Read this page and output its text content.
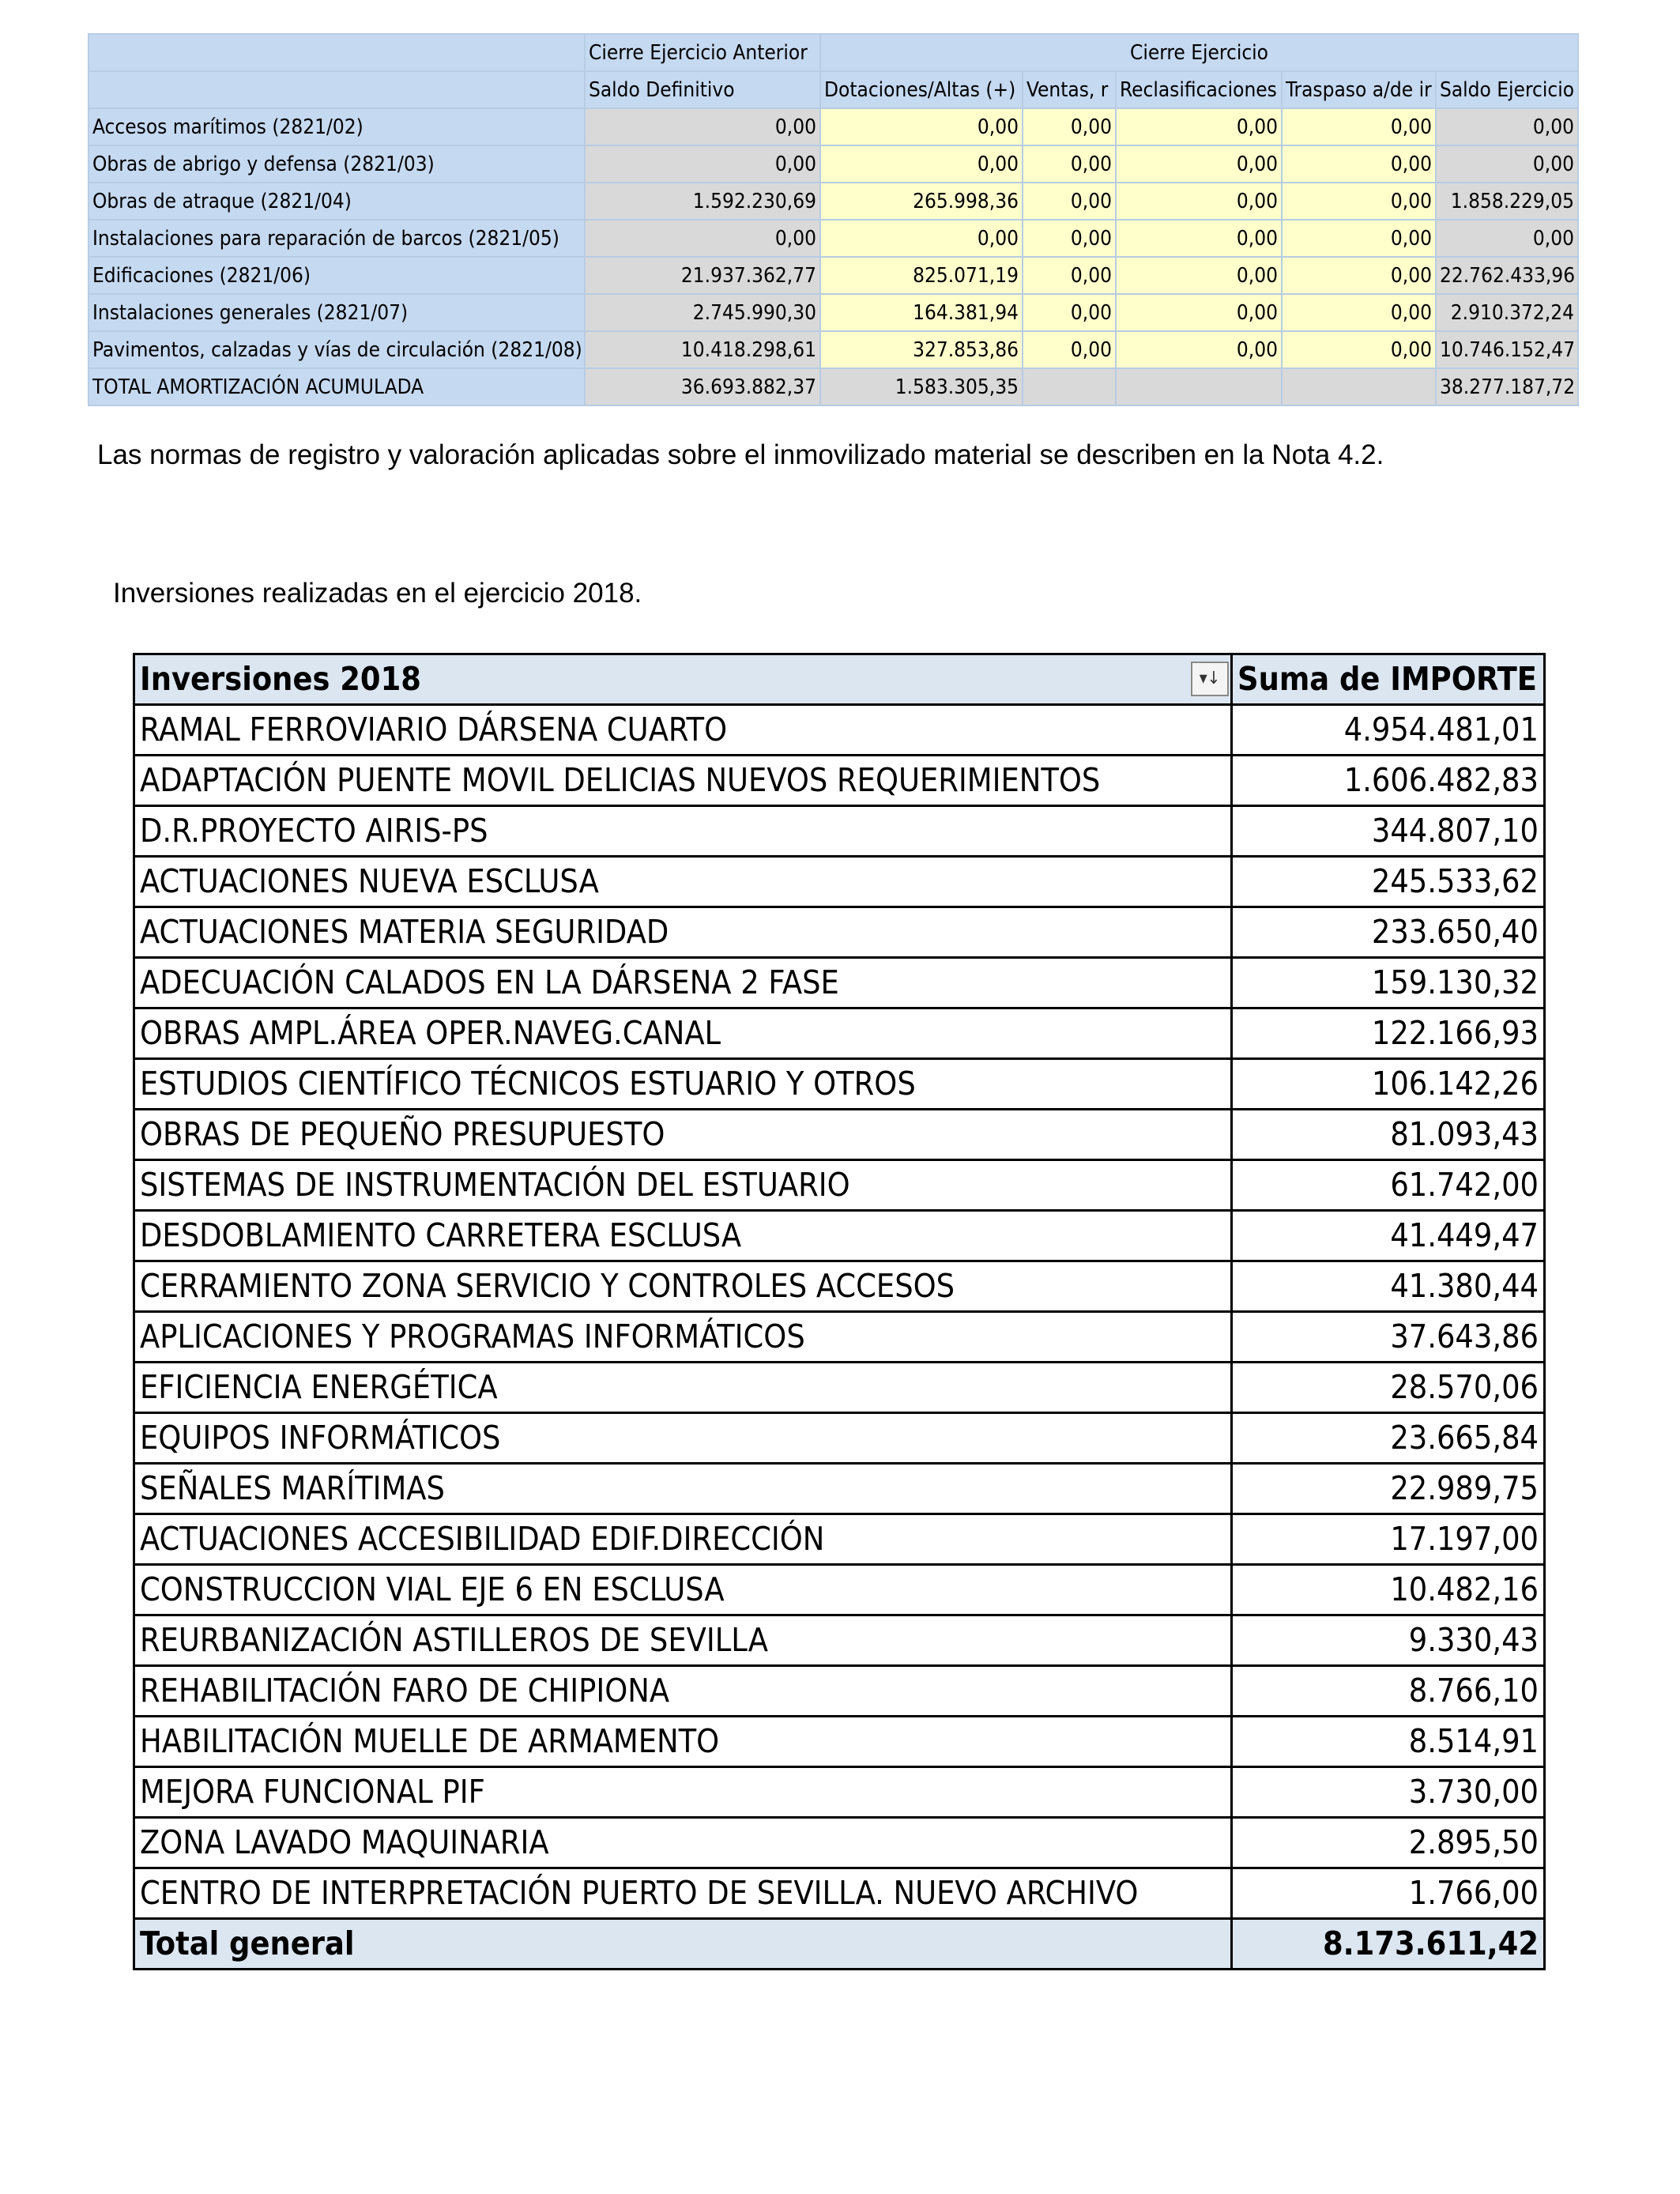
	Cierre Ejercicio Anterior	Cierre Ejercicio				
	Saldo Definitivo	Dotaciones/Altas (+)	Ventas, r	Reclasificaciones	Traspaso a/de ir	Saldo Ejercicio
Accesos marítimos (2821/02)	0,00	0,00	0,00	0,00	0,00	0,00
Obras de abrigo y defensa (2821/03)	0,00	0,00	0,00	0,00	0,00	0,00
Obras de atraque (2821/04)	1.592.230,69	265.998,36	0,00	0,00	0,00	1.858.229,05
Instalaciones para reparación de barcos (2821/05)	0,00	0,00	0,00	0,00	0,00	0,00
Edificaciones (2821/06)	21.937.362,77	825.071,19	0,00	0,00	0,00	22.762.433,96
Instalaciones generales (2821/07)	2.745.990,30	164.381,94	0,00	0,00	0,00	2.910.372,24
Pavimentos, calzadas y vías de circulación (2821/08)	10.418.298,61	327.853,86	0,00	0,00	0,00	10.746.152,47
TOTAL AMORTIZACIÓN ACUMULADA	36.693.882,37	1.583.305,35				38.277.187,72
Las normas de registro y valoración aplicadas sobre el inmovilizado material se describen en la Nota 4.2.
Inversiones realizadas en el ejercicio 2018.
Inversiones 2018 ▾↓	Suma de IMPORTE
RAMAL FERROVIARIO DÁRSENA CUARTO	4.954.481,01
ADAPTACIÓN PUENTE MOVIL DELICIAS NUEVOS REQUERIMIENTOS	1.606.482,83
D.R.PROYECTO AIRIS-PS	344.807,10
ACTUACIONES NUEVA ESCLUSA	245.533,62
ACTUACIONES MATERIA SEGURIDAD	233.650,40
ADECUACIÓN CALADOS EN LA DÁRSENA 2 FASE	159.130,32
OBRAS AMPL.ÁREA OPER.NAVEG.CANAL	122.166,93
ESTUDIOS CIENTÍFICO TÉCNICOS ESTUARIO Y OTROS	106.142,26
OBRAS DE PEQUEÑO PRESUPUESTO	81.093,43
SISTEMAS DE INSTRUMENTACIÓN DEL ESTUARIO	61.742,00
DESDOBLAMIENTO CARRETERA ESCLUSA	41.449,47
CERRAMIENTO ZONA SERVICIO Y CONTROLES ACCESOS	41.380,44
APLICACIONES Y PROGRAMAS INFORMÁTICOS	37.643,86
EFICIENCIA ENERGÉTICA	28.570,06
EQUIPOS INFORMÁTICOS	23.665,84
SEÑALES MARÍTIMAS	22.989,75
ACTUACIONES ACCESIBILIDAD EDIF.DIRECCIÓN	17.197,00
CONSTRUCCION VIAL EJE 6 EN ESCLUSA	10.482,16
REURBANIZACIÓN ASTILLEROS DE SEVILLA	9.330,43
REHABILITACIÓN FARO DE CHIPIONA	8.766,10
HABILITACIÓN MUELLE DE ARMAMENTO	8.514,91
MEJORA FUNCIONAL PIF	3.730,00
ZONA LAVADO MAQUINARIA	2.895,50
CENTRO DE INTERPRETACIÓN PUERTO DE SEVILLA. NUEVO ARCHIVO	1.766,00
Total general	8.173.611,42
